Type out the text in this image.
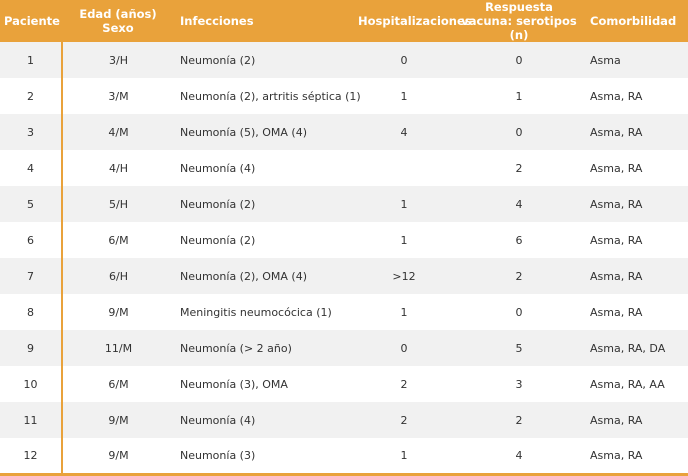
Paciente	Edad (años) Sexo	Infecciones	Hospitalizaciones	Respuesta vacuna: serotipos (n)	Comorbilidad
1	3/H	Neumonía (2)	0	0	Asma
2	3/M	Neumonía (2), artritis séptica (1)	1	1	Asma, RA
3	4/M	Neumonía (5), OMA (4)	4	0	Asma, RA
4	4/H	Neumonía (4)		2	Asma, RA
5	5/H	Neumonía (2)	1	4	Asma, RA
6	6/M	Neumonía (2)	1	6	Asma, RA
7	6/H	Neumonía (2), OMA (4)	>12	2	Asma, RA
8	9/M	Meningitis neumocócica (1)	1	0	Asma, RA
9	11/M	Neumonía (> 2 año)	0	5	Asma, RA, DA
10	6/M	Neumonía (3), OMA	2	3	Asma, RA, AA
11	9/M	Neumonía (4)	2	2	Asma, RA
12	9/M	Neumonía (3)	1	4	Asma, RA
